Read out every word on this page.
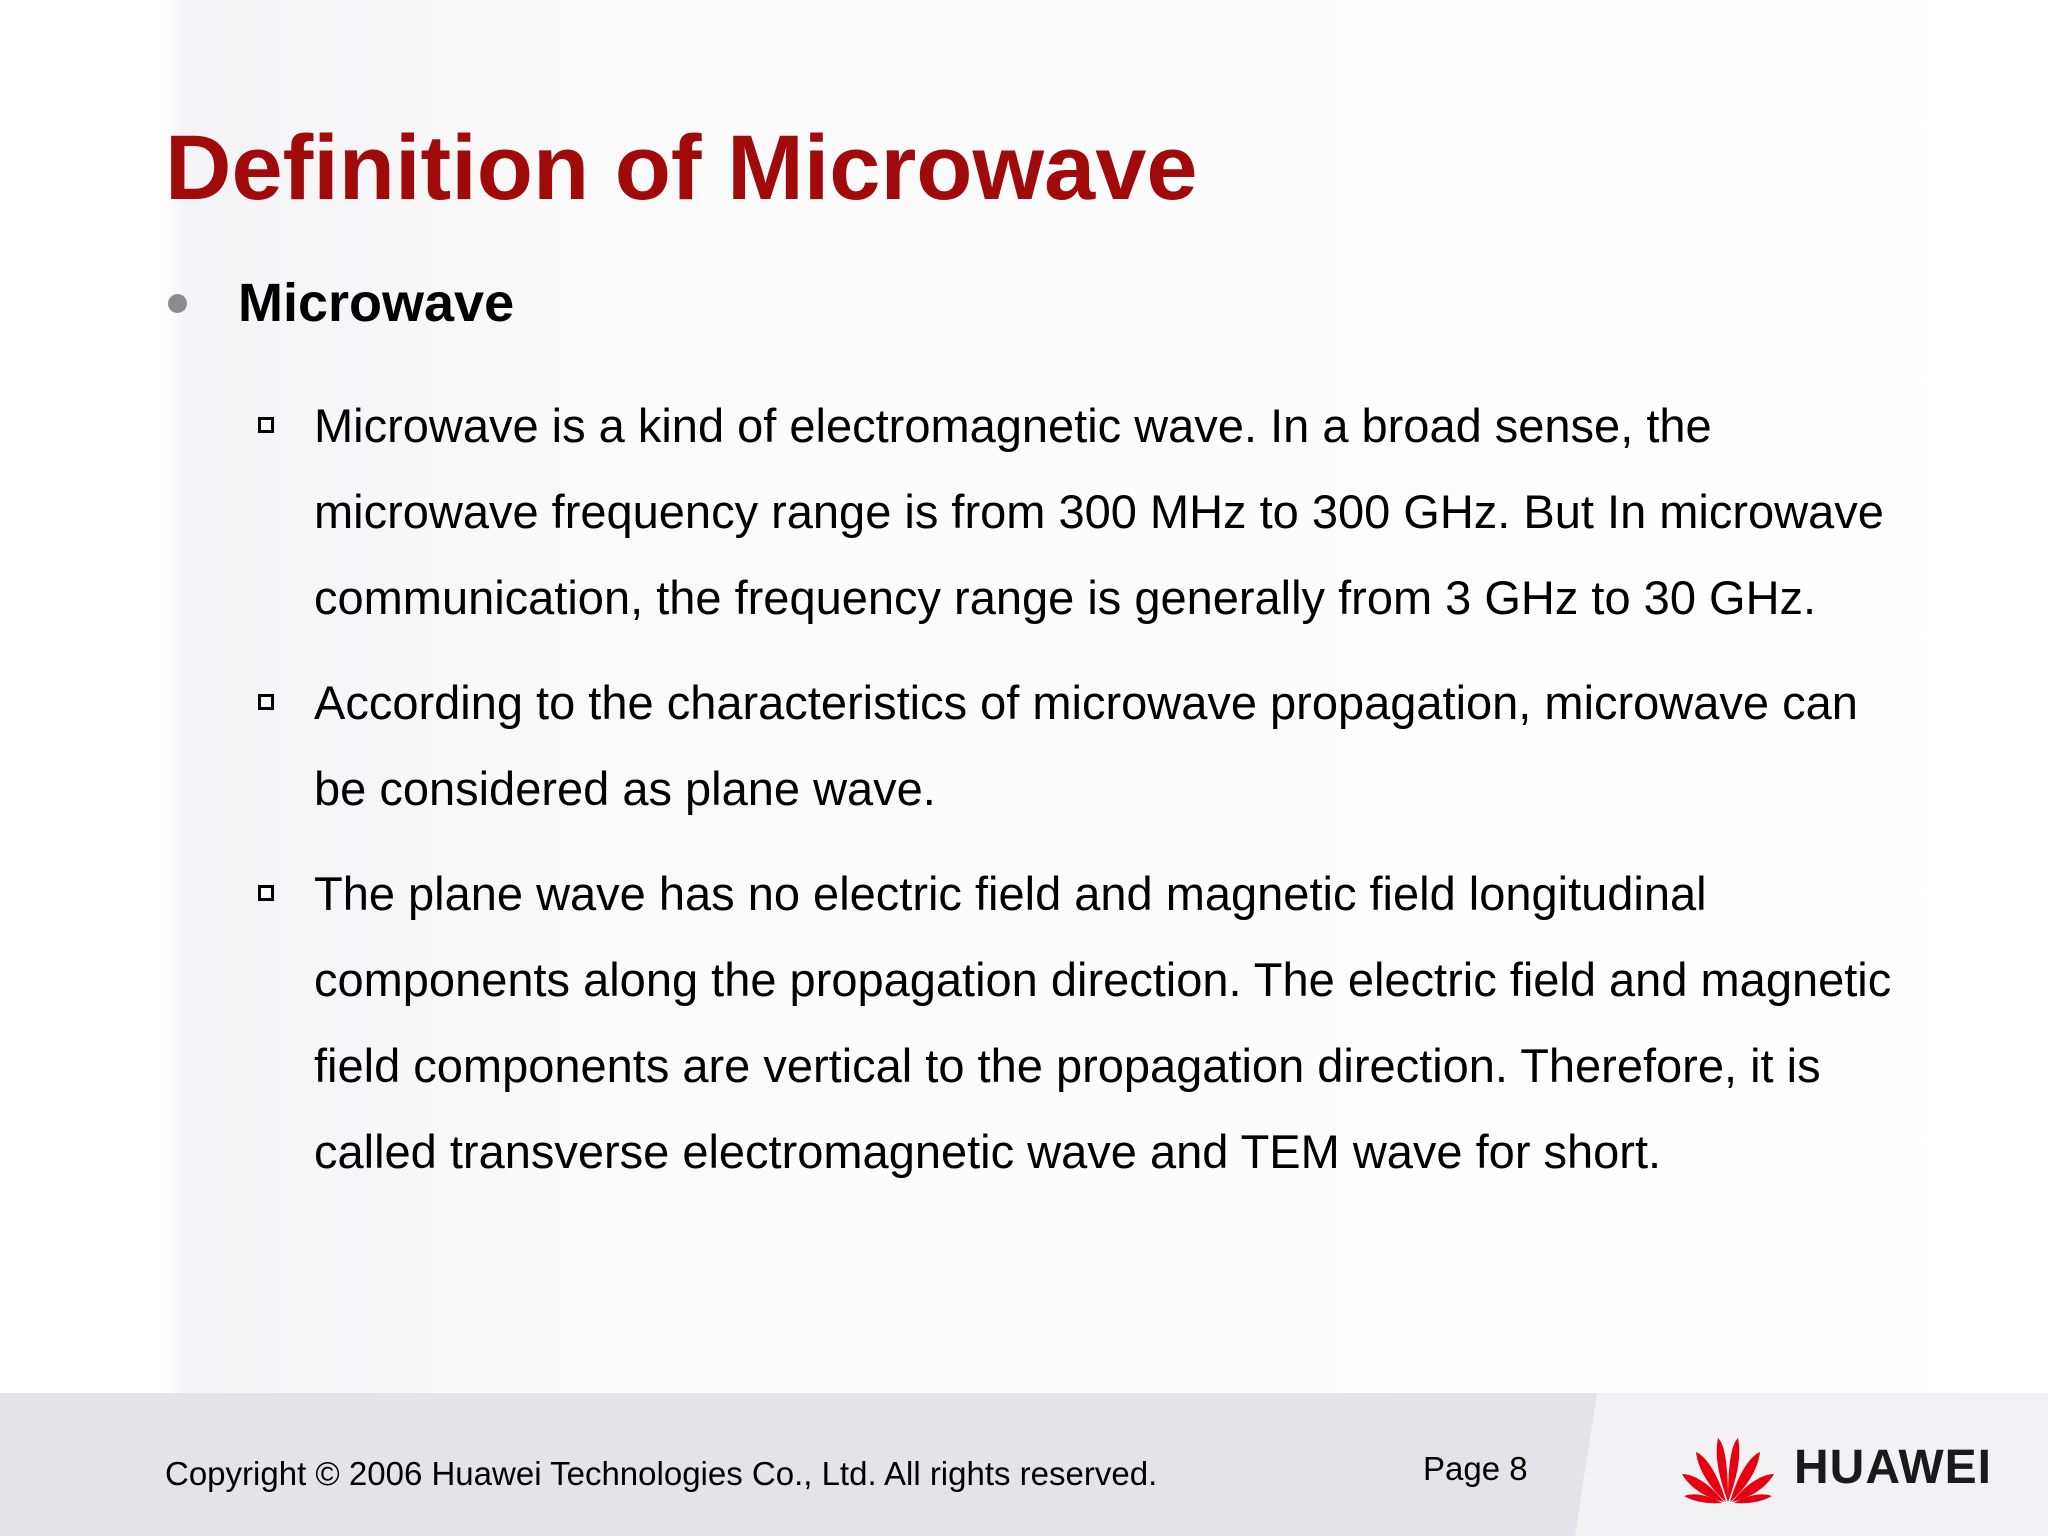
Definition of Microwave
Microwave
Microwave is a kind of electromagnetic wave. In a broad sense, the microwave frequency range is from 300 MHz to 300 GHz. But In microwave communication, the frequency range is generally from 3 GHz to 30 GHz.
According to the characteristics of microwave propagation, microwave can be considered as plane wave.
The plane wave has no electric field and magnetic field longitudinal components along the propagation direction. The electric field and magnetic field components are vertical to the propagation direction. Therefore, it is called transverse electromagnetic wave and TEM wave for short.
Copyright © 2006 Huawei Technologies Co., Ltd. All rights reserved.	Page 8	HUAWEI
